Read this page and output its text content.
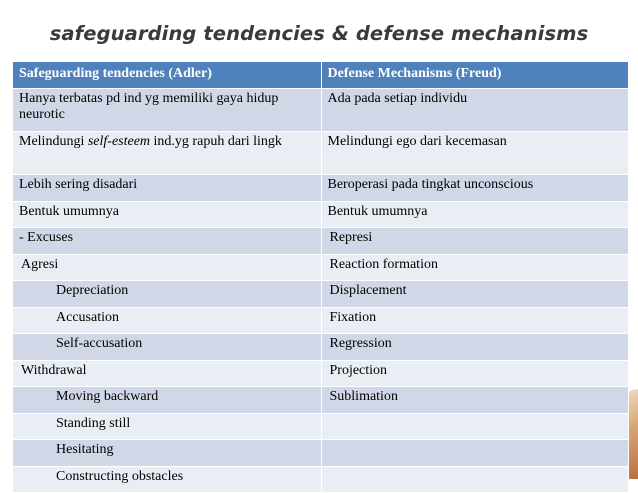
safeguarding tendencies & defense mechanisms
Safeguarding tendencies (Adler)	Defense Mechanisms (Freud)
Hanya terbatas pd ind yg memiliki gaya hidup neurotic	Ada pada setiap individu
Melindungi self-esteem ind.yg rapuh dari lingk	Melindungi ego dari kecemasan
Lebih sering disadari	Beroperasi pada tingkat unconscious
Bentuk umumnya	Bentuk umumnya
- Excuses	Represi
Agresi	Reaction formation
Depreciation	Displacement
Accusation	Fixation
Self-accusation	Regression
Withdrawal	Projection
Moving backward	Sublimation
Standing still	
Hesitating	
Constructing obstacles	
